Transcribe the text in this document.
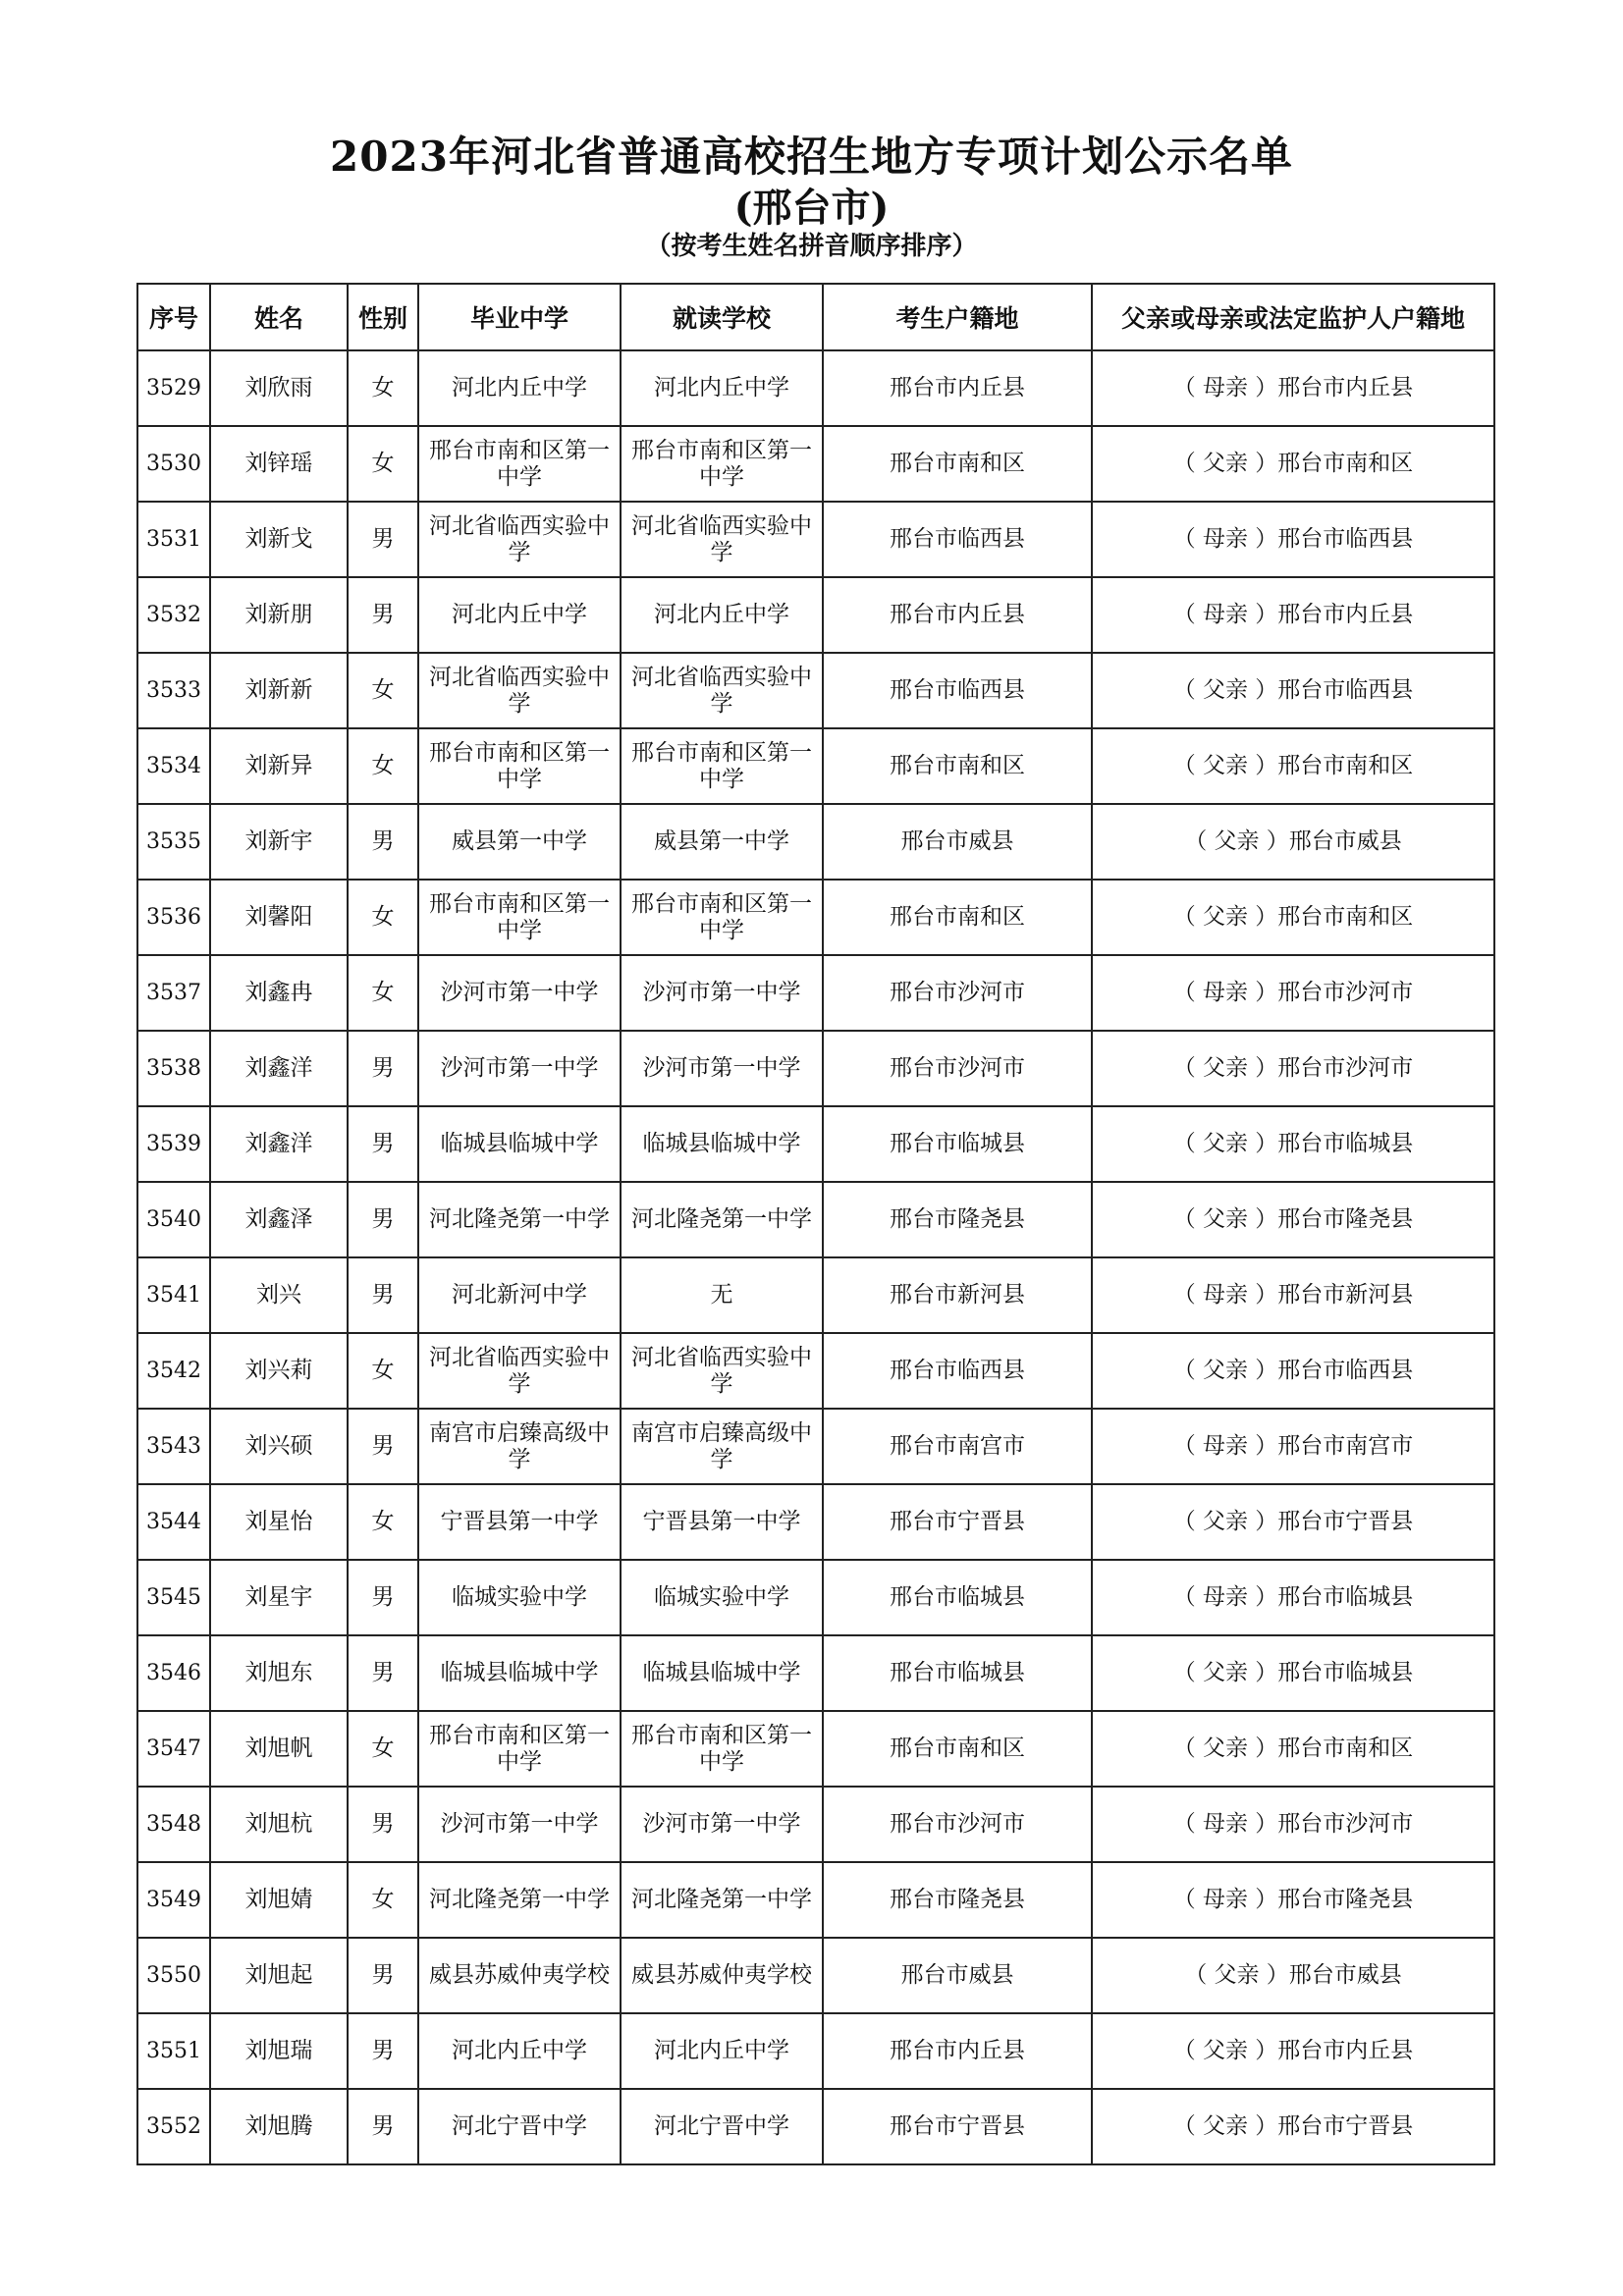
2023年河北省普通高校招生地方专项计划公示名单
(邢台市)
（按考生姓名拼音顺序排序）
序号	姓名	性别	毕业中学	就读学校	考生户籍地	父亲或母亲或法定监护人户籍地
3529	刘欣雨	女	河北内丘中学	河北内丘中学	邢台市内丘县	（ 母亲 ）邢台市内丘县
3530	刘锌瑶	女	邢台市南和区第一中学	邢台市南和区第一中学	邢台市南和区	（ 父亲 ）邢台市南和区
3531	刘新戈	男	河北省临西实验中学	河北省临西实验中学	邢台市临西县	（ 母亲 ）邢台市临西县
3532	刘新朋	男	河北内丘中学	河北内丘中学	邢台市内丘县	（ 母亲 ）邢台市内丘县
3533	刘新新	女	河北省临西实验中学	河北省临西实验中学	邢台市临西县	（ 父亲 ）邢台市临西县
3534	刘新异	女	邢台市南和区第一中学	邢台市南和区第一中学	邢台市南和区	（ 父亲 ）邢台市南和区
3535	刘新宇	男	威县第一中学	威县第一中学	邢台市威县	（ 父亲 ）邢台市威县
3536	刘馨阳	女	邢台市南和区第一中学	邢台市南和区第一中学	邢台市南和区	（ 父亲 ）邢台市南和区
3537	刘鑫冉	女	沙河市第一中学	沙河市第一中学	邢台市沙河市	（ 母亲 ）邢台市沙河市
3538	刘鑫洋	男	沙河市第一中学	沙河市第一中学	邢台市沙河市	（ 父亲 ）邢台市沙河市
3539	刘鑫洋	男	临城县临城中学	临城县临城中学	邢台市临城县	（ 父亲 ）邢台市临城县
3540	刘鑫泽	男	河北隆尧第一中学	河北隆尧第一中学	邢台市隆尧县	（ 父亲 ）邢台市隆尧县
3541	刘兴	男	河北新河中学	无	邢台市新河县	（ 母亲 ）邢台市新河县
3542	刘兴莉	女	河北省临西实验中学	河北省临西实验中学	邢台市临西县	（ 父亲 ）邢台市临西县
3543	刘兴硕	男	南宫市启臻高级中学	南宫市启臻高级中学	邢台市南宫市	（ 母亲 ）邢台市南宫市
3544	刘星怡	女	宁晋县第一中学	宁晋县第一中学	邢台市宁晋县	（ 父亲 ）邢台市宁晋县
3545	刘星宇	男	临城实验中学	临城实验中学	邢台市临城县	（ 母亲 ）邢台市临城县
3546	刘旭东	男	临城县临城中学	临城县临城中学	邢台市临城县	（ 父亲 ）邢台市临城县
3547	刘旭帆	女	邢台市南和区第一中学	邢台市南和区第一中学	邢台市南和区	（ 父亲 ）邢台市南和区
3548	刘旭杭	男	沙河市第一中学	沙河市第一中学	邢台市沙河市	（ 母亲 ）邢台市沙河市
3549	刘旭婧	女	河北隆尧第一中学	河北隆尧第一中学	邢台市隆尧县	（ 母亲 ）邢台市隆尧县
3550	刘旭起	男	威县苏威仲夷学校	威县苏威仲夷学校	邢台市威县	（ 父亲 ）邢台市威县
3551	刘旭瑞	男	河北内丘中学	河北内丘中学	邢台市内丘县	（ 父亲 ）邢台市内丘县
3552	刘旭腾	男	河北宁晋中学	河北宁晋中学	邢台市宁晋县	（ 父亲 ）邢台市宁晋县
